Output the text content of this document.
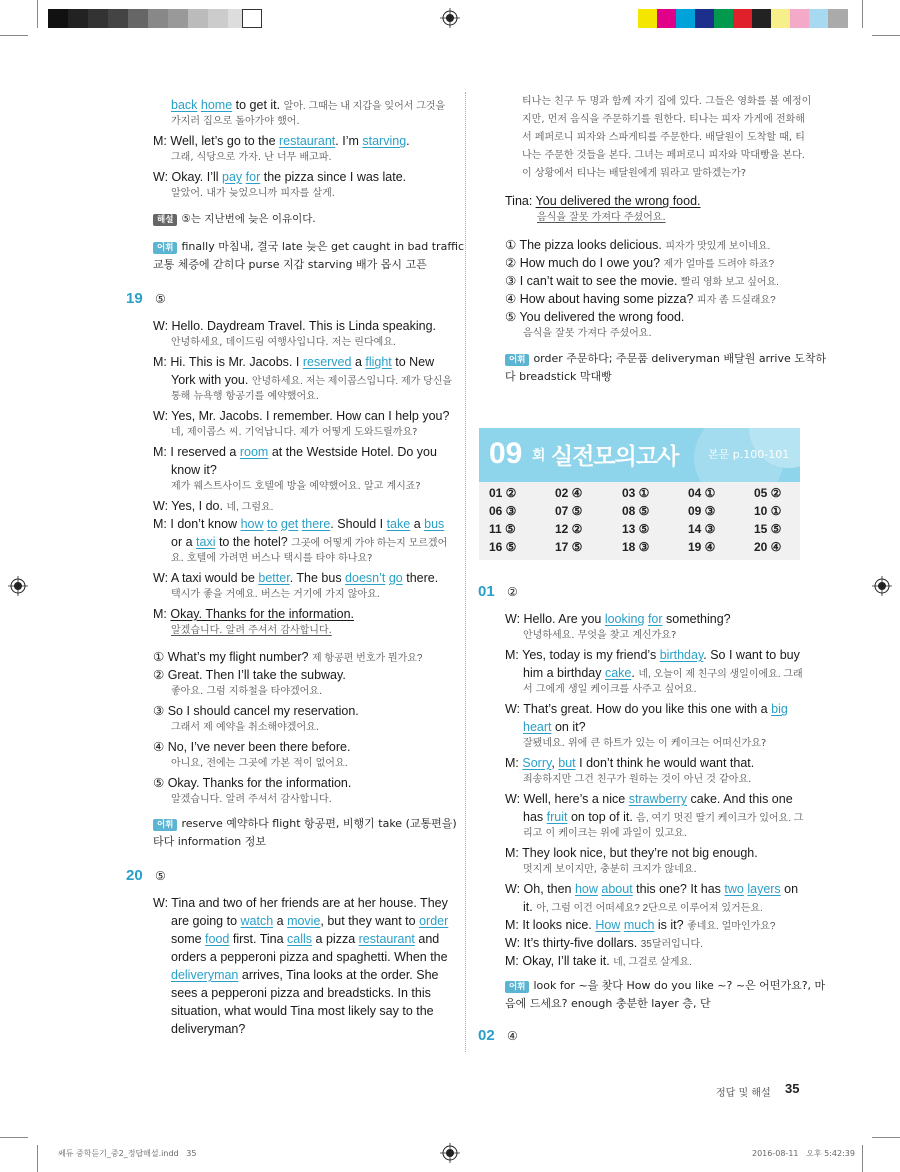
back home to get it. 알아. 그때는 내 지갑을 잊어서 그것을
가지러 집으로 돌아가야 했어.
M: Well, let’s go to the restaurant. I’m starving.
그래, 식당으로 가자. 난 너무 배고파.
W: Okay. I’ll pay for the pizza since I was late.
알았어. 내가 늦었으니까 피자를 살게.
해설 ⑤는 지난번에 늦은 이유이다.
어휘 finally 마침내, 결국 late 늦은 get caught in bad traffic
교통 체증에 갇히다 purse 지갑 starving 배가 몹시 고픈
19 ⑤
W: Hello. Daydream Travel. This is Linda speaking.
안녕하세요, 데이드림 여행사입니다. 저는 린다예요.
M: Hi. This is Mr. Jacobs. I reserved a flight to New
York with you. 안녕하세요. 저는 제이콥스입니다. 제가 당신을
통해 뉴욕행 항공기를 예약했어요.
W: Yes, Mr. Jacobs. I remember. How can I help you?
네, 제이콥스 씨. 기억납니다. 제가 어떻게 도와드릴까요?
M: I reserved a room at the Westside Hotel. Do you
know it?
제가 웨스트사이드 호텔에 방을 예약했어요. 알고 계시죠?
W: Yes, I do. 네, 그럼요.
M: I don’t know how to get there. Should I take a bus
or a taxi to the hotel? 그곳에 어떻게 가야 하는지 모르겠어
요. 호텔에 가려면 버스나 택시를 타야 하나요?
W: A taxi would be better. The bus doesn’t go there.
택시가 좋을 거예요. 버스는 거기에 가지 않아요.
M: Okay. Thanks for the information.
알겠습니다. 알려 주셔서 감사합니다.
① What’s my flight number? 제 항공편 번호가 뭔가요?
② Great. Then I’ll take the subway.
좋아요. 그럼 지하철을 타야겠어요.
③ So I should cancel my reservation.
그래서 제 예약을 취소해야겠어요.
④ No, I’ve never been there before.
아니요, 전에는 그곳에 가본 적이 없어요.
⑤ Okay. Thanks for the information.
알겠습니다. 알려 주셔서 감사합니다.
어휘 reserve 예약하다 flight 항공편, 비행기 take (교통편을)
타다 information 정보
20 ⑤
W: Tina and two of her friends are at her house. They
are going to watch a movie, but they want to order
some food first. Tina calls a pizza restaurant and
orders a pepperoni pizza and spaghetti. When the
deliveryman arrives, Tina looks at the order. She
sees a pepperoni pizza and breadsticks. In this
situation, what would Tina most likely say to the
deliveryman?
티나는 친구 두 명과 함께 자기 집에 있다. 그들은 영화를 볼 예정이
지만, 먼저 음식을 주문하기를 원한다. 티나는 피자 가게에 전화해
서 페퍼로니 피자와 스파게티를 주문한다. 배달원이 도착할 때, 티
나는 주문한 것들을 본다. 그녀는 페퍼로니 피자와 막대빵을 본다.
이 상황에서 티나는 배달원에게 뭐라고 말하겠는가?
Tina: You delivered the wrong food.
음식을 잘못 가져다 주셨어요.
① The pizza looks delicious. 피자가 맛있게 보이네요.
② How much do I owe you? 제가 얼마를 드려야 하죠?
③ I can’t wait to see the movie. 빨리 영화 보고 싶어요.
④ How about having some pizza? 피자 좀 드실래요?
⑤ You delivered the wrong food.
음식을 잘못 가져다 주셨어요.
어휘 order 주문하다; 주문품 deliveryman 배달원 arrive 도착하
다 breadstick 막대빵
09 회 실전모의고사	본문 p.100-101
01 ②	02 ④	03 ①	04 ①	05 ②
06 ③	07 ⑤	08 ⑤	09 ③	10 ①
11 ⑤	12 ②	13 ⑤	14 ③	15 ⑤
16 ⑤	17 ⑤	18 ③	19 ④	20 ④
01 ②
W: Hello. Are you looking for something?
안녕하세요. 무엇을 찾고 계신가요?
M: Yes, today is my friend’s birthday. So I want to buy
him a birthday cake. 네, 오늘이 제 친구의 생일이에요. 그래
서 그에게 생일 케이크를 사주고 싶어요.
W: That’s great. How do you like this one with a big
heart on it?
잘됐네요. 위에 큰 하트가 있는 이 케이크는 어떠신가요?
M: Sorry, but I don’t think he would want that.
죄송하지만 그건 친구가 원하는 것이 아닌 것 같아요.
W: Well, here’s a nice strawberry cake. And this one
has fruit on top of it. 음, 여기 멋진 딸기 케이크가 있어요. 그
리고 이 케이크는 위에 과일이 있고요.
M: They look nice, but they’re not big enough.
멋지게 보이지만, 충분히 크지가 않네요.
W: Oh, then how about this one? It has two layers on
it. 아, 그럼 이건 어떠세요? 2단으로 이루어져 있거든요.
M: It looks nice. How much is it? 좋네요. 얼마인가요?
W: It’s thirty-five dollars. 35달러입니다.
M: Okay, I’ll take it. 네, 그걸로 살게요.
어휘 look for ~을 찾다 How do you like ~? ~은 어떤가요?, 마
음에 드세요? enough 충분한 layer 층, 단
02 ④
정답 및 해설 35
쎄듀 중학듣기_중2_정답해설.indd   35	2016-08-11   오후 5:42:39
